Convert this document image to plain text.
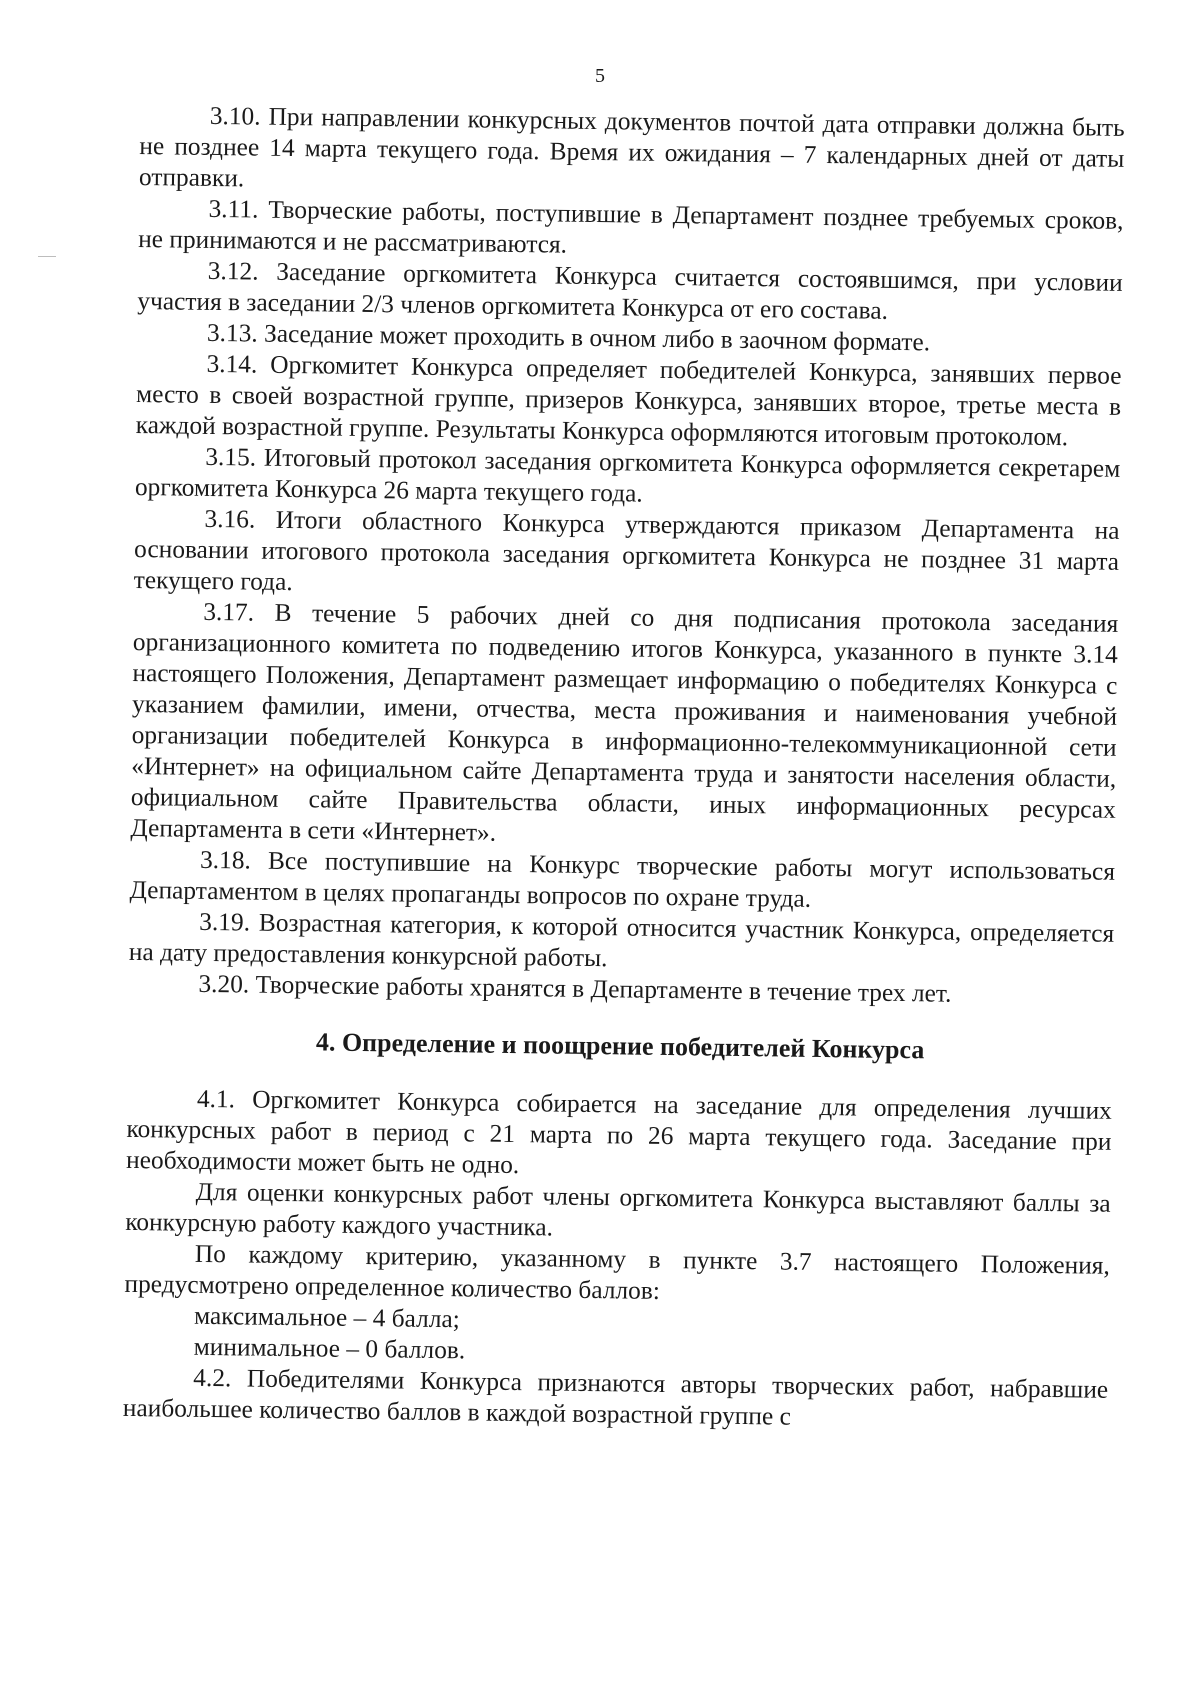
5

3.10. При направлении конкурсных документов почтой дата отправки должна быть не позднее 14 марта текущего года. Время их ожидания – 7 календарных дней от даты отправки.

3.11. Творческие работы, поступившие в Департамент позднее требуемых сроков, не принимаются и не рассматриваются.

3.12. Заседание оргкомитета Конкурса считается состоявшимся, при условии участия в заседании 2/3 членов оргкомитета Конкурса от его состава.

3.13. Заседание может проходить в очном либо в заочном формате.

3.14. Оргкомитет Конкурса определяет победителей Конкурса, занявших первое место в своей возрастной группе, призеров Конкурса, занявших второе, третье места в каждой возрастной группе. Результаты Конкурса оформляются итоговым протоколом.

3.15. Итоговый протокол заседания оргкомитета Конкурса оформляется секретарем оргкомитета Конкурса 26 марта текущего года.

3.16. Итоги областного Конкурса утверждаются приказом Департамента на основании итогового протокола заседания оргкомитета Конкурса не позднее 31 марта текущего года.

3.17. В течение 5 рабочих дней со дня подписания протокола заседания организационного комитета по подведению итогов Конкурса, указанного в пункте 3.14 настоящего Положения, Департамент размещает информацию о победителях Конкурса с указанием фамилии, имени, отчества, места проживания и наименования учебной организации победителей Конкурса в информационно-телекоммуникационной сети «Интернет» на официальном сайте Департамента труда и занятости населения области, официальном сайте Правительства области, иных информационных ресурсах Департамента в сети «Интернет».

3.18. Все поступившие на Конкурс творческие работы могут использоваться Департаментом в целях пропаганды вопросов по охране труда.

3.19. Возрастная категория, к которой относится участник Конкурса, определяется на дату предоставления конкурсной работы.

3.20. Творческие работы хранятся в Департаменте в течение трех лет.

4. Определение и поощрение победителей Конкурса

4.1. Оргкомитет Конкурса собирается на заседание для определения лучших конкурсных работ в период с 21 марта по 26 марта текущего года. Заседание при необходимости может быть не одно.

Для оценки конкурсных работ члены оргкомитета Конкурса выставляют баллы за конкурсную работу каждого участника.

По каждому критерию, указанному в пункте 3.7 настоящего Положения, предусмотрено определенное количество баллов:

максимальное – 4 балла;

минимальное – 0 баллов.

4.2. Победителями Конкурса признаются авторы творческих работ, набравшие наибольшее количество баллов в каждой возрастной группе с
